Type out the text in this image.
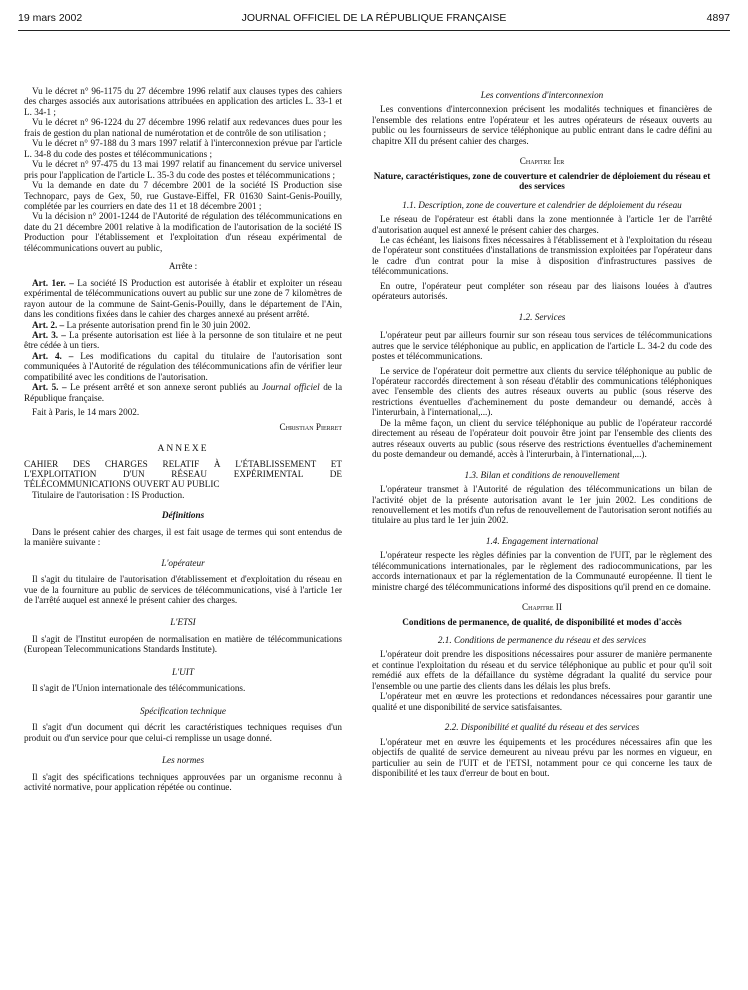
19 mars 2002	JOURNAL OFFICIEL DE LA RÉPUBLIQUE FRANÇAISE	4897

Vu le décret n° 96-1175 du 27 décembre 1996 relatif aux clauses types des cahiers des charges associés aux autorisations attribuées en application des articles L. 33-1 et L. 34-1 ;

Vu le décret n° 96-1224 du 27 décembre 1996 relatif aux redevances dues pour les frais de gestion du plan national de numérotation et de contrôle de son utilisation ;

Vu le décret n° 97-188 du 3 mars 1997 relatif à l'interconnexion prévue par l'article L. 34-8 du code des postes et télécommunications ;

Vu le décret n° 97-475 du 13 mai 1997 relatif au financement du service universel pris pour l'application de l'article L. 35-3 du code des postes et télécommunications ;

Vu la demande en date du 7 décembre 2001 de la société IS Production sise Technoparc, pays de Gex, 50, rue Gustave-Eiffel, FR 01630 Saint-Genis-Pouilly, complétée par les courriers en date des 11 et 18 décembre 2001 ;

Vu la décision n° 2001-1244 de l'Autorité de régulation des télécommunications en date du 21 décembre 2001 relative à la modification de l'autorisation de la société IS Production pour l'établissement et l'exploitation d'un réseau expérimental de télécommunications ouvert au public,

Arrête :

Art. 1er. – La société IS Production est autorisée à établir et exploiter un réseau expérimental de télécommunications ouvert au public sur une zone de 7 kilomètres de rayon autour de la commune de Saint-Genis-Pouilly, dans le département de l'Ain, dans les conditions fixées dans le cahier des charges annexé au présent arrêté.

Art. 2. – La présente autorisation prend fin le 30 juin 2002.

Art. 3. – La présente autorisation est liée à la personne de son titulaire et ne peut être cédée à un tiers.

Art. 4. – Les modifications du capital du titulaire de l'autorisation sont communiquées à l'Autorité de régulation des télécommunications afin de vérifier leur compatibilité avec les conditions de l'autorisation.

Art. 5. – Le présent arrêté et son annexe seront publiés au Journal officiel de la République française.

Fait à Paris, le 14 mars 2002.

Christian Pierret

ANNEXE

CAHIER DES CHARGES RELATIF À L'ÉTABLISSEMENT ET L'EXPLOITATION D'UN RÉSEAU EXPÉRIMENTAL DE TÉLÉCOMMUNICATIONS OUVERT AU PUBLIC

Titulaire de l'autorisation : IS Production.

Définitions

Dans le présent cahier des charges, il est fait usage de termes qui sont entendus de la manière suivante :

L'opérateur

Il s'agit du titulaire de l'autorisation d'établissement et d'exploitation du réseau en vue de la fourniture au public de services de télécommunications, visé à l'article 1er de l'arrêté auquel est annexé le présent cahier des charges.

L'ETSI

Il s'agit de l'Institut européen de normalisation en matière de télécommunications (European Telecommunications Standards Institute).

L'UIT

Il s'agit de l'Union internationale des télécommunications.

Spécification technique

Il s'agit d'un document qui décrit les caractéristiques techniques requises d'un produit ou d'un service pour que celui-ci remplisse un usage donné.

Les normes

Il s'agit des spécifications techniques approuvées par un organisme reconnu à activité normative, pour application répétée ou continue.

Les conventions d'interconnexion

Les conventions d'interconnexion précisent les modalités techniques et financières de l'ensemble des relations entre l'opérateur et les autres opérateurs de réseaux ouverts au public ou les fournisseurs de service téléphonique au public entrant dans le cadre défini au chapitre XII du présent cahier des charges.

Chapitre Ier

Nature, caractéristiques, zone de couverture et calendrier de déploiement du réseau et des services

1.1. Description, zone de couverture et calendrier de déploiement du réseau

Le réseau de l'opérateur est établi dans la zone mentionnée à l'article 1er de l'arrêté d'autorisation auquel est annexé le présent cahier des charges.

Le cas échéant, les liaisons fixes nécessaires à l'établissement et à l'exploitation du réseau de l'opérateur sont constituées d'installations de transmission exploitées par l'opérateur dans le cadre d'un contrat pour la mise à disposition d'infrastructures passives de télécommunications.

En outre, l'opérateur peut compléter son réseau par des liaisons louées à d'autres opérateurs autorisés.

1.2. Services

L'opérateur peut par ailleurs fournir sur son réseau tous services de télécommunications autres que le service téléphonique au public, en application de l'article L. 34-2 du code des postes et télécommunications.

Le service de l'opérateur doit permettre aux clients du service téléphonique au public de l'opérateur raccordés directement à son réseau d'établir des communications téléphoniques avec l'ensemble des clients des autres réseaux ouverts au public (sous réserve des restrictions éventuelles d'acheminement du poste demandeur ou demandé, accès à l'interurbain, à l'international,...).

De la même façon, un client du service téléphonique au public de l'opérateur raccordé directement au réseau de l'opérateur doit pouvoir être joint par l'ensemble des clients des autres réseaux ouverts au public (sous réserve des restrictions éventuelles d'acheminement du poste demandeur ou demandé, accès à l'interurbain, à l'international,...).

1.3. Bilan et conditions de renouvellement

L'opérateur transmet à l'Autorité de régulation des télécommunications un bilan de l'activité objet de la présente autorisation avant le 1er juin 2002. Les conditions de renouvellement et les motifs d'un refus de renouvellement de l'autorisation seront notifiés au titulaire au plus tard le 1er juin 2002.

1.4. Engagement international

L'opérateur respecte les règles définies par la convention de l'UIT, par le règlement des télécommunications internationales, par le règlement des radiocommunications, par les accords internationaux et par la réglementation de la Communauté européenne. Il tient le ministre chargé des télécommunications informé des dispositions qu'il prend en ce domaine.

Chapitre II

Conditions de permanence, de qualité, de disponibilité et modes d'accès

2.1. Conditions de permanence du réseau et des services

L'opérateur doit prendre les dispositions nécessaires pour assurer de manière permanente et continue l'exploitation du réseau et du service téléphonique au public et pour qu'il soit remédié aux effets de la défaillance du système dégradant la qualité du service pour l'ensemble ou une partie des clients dans les délais les plus brefs.

L'opérateur met en œuvre les protections et redondances nécessaires pour garantir une qualité et une disponibilité de service satisfaisantes.

2.2. Disponibilité et qualité du réseau et des services

L'opérateur met en œuvre les équipements et les procédures nécessaires afin que les objectifs de qualité de service demeurent au niveau prévu par les normes en vigueur, en particulier au sein de l'UIT et de l'ETSI, notamment pour ce qui concerne les taux de disponibilité et les taux d'erreur de bout en bout.
